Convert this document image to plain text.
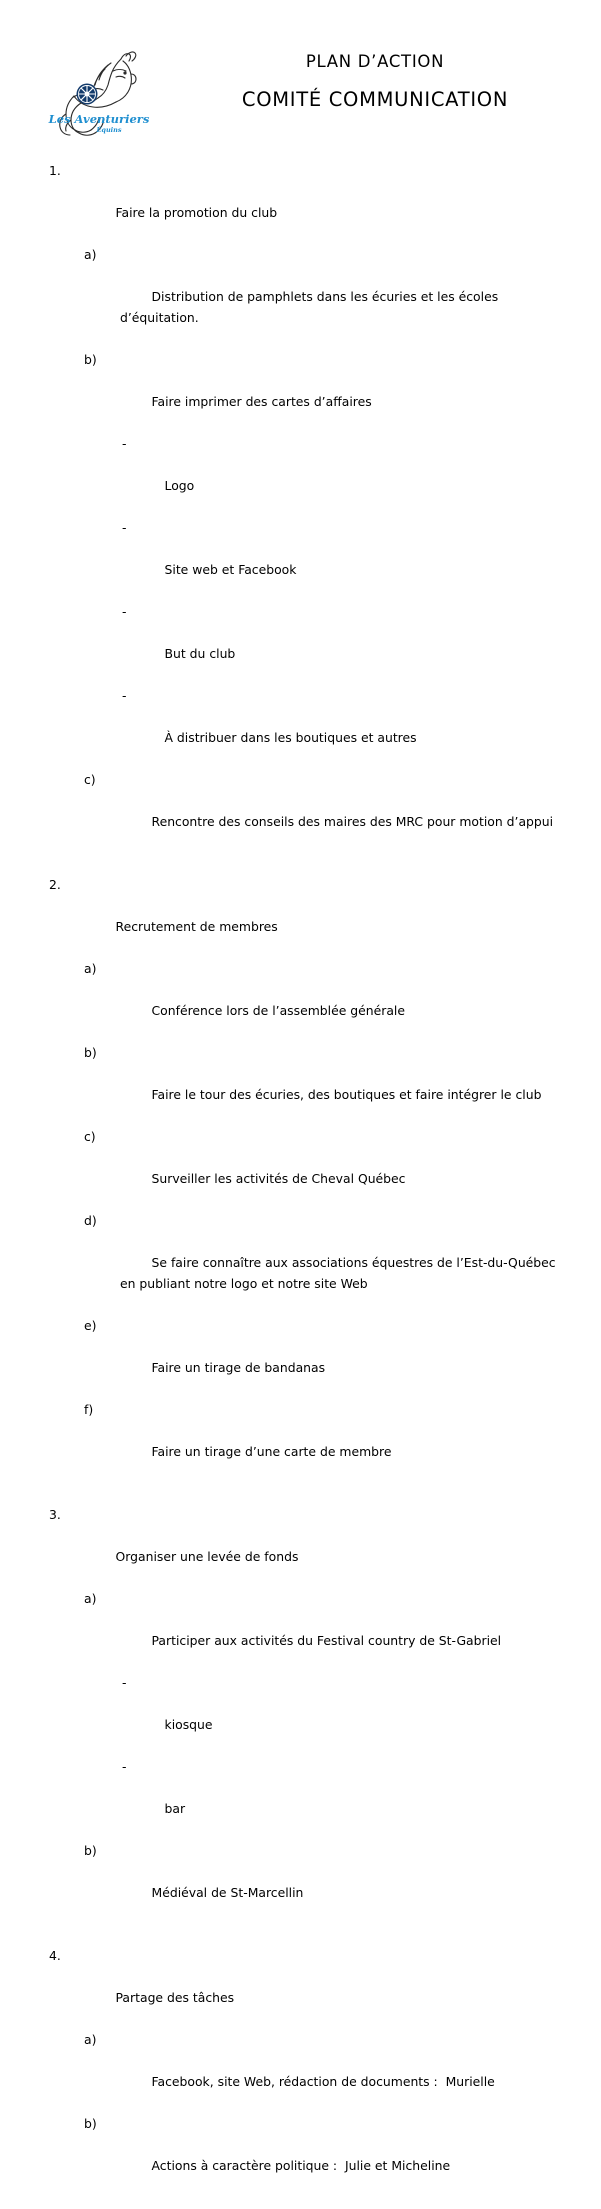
Les Aventuriers
Équins
PLAN D’ACTION
COMITÉ COMMUNICATION

1.

Faire la promotion du club

a)

Distribution de pamphlets dans les écuries et les écoles d’équitation.

b)

Faire imprimer des cartes d’affaires

-

Logo

-

Site web et Facebook

-

But du club

-

À distribuer dans les boutiques et autres

c)

Rencontre des conseils des maires des MRC pour motion d’appui

2.

Recrutement de membres

a)

Conférence lors de l’assemblée générale

b)

Faire le tour des écuries, des boutiques et faire intégrer le club

c)

Surveiller les activités de Cheval Québec

d)

Se faire connaître aux associations équestres de l’Est-du-Québec en publiant notre logo et notre site Web

e)

Faire un tirage de bandanas

f)

Faire un tirage d’une carte de membre

3.

Organiser une levée de fonds

a)

Participer aux activités du Festival country de St-Gabriel

-

kiosque

-

bar

b)

Médiéval de St-Marcellin

4.

Partage des tâches

a)

Facebook, site Web, rédaction de documents :  Murielle

b)

Actions à caractère politique :  Julie et Micheline
